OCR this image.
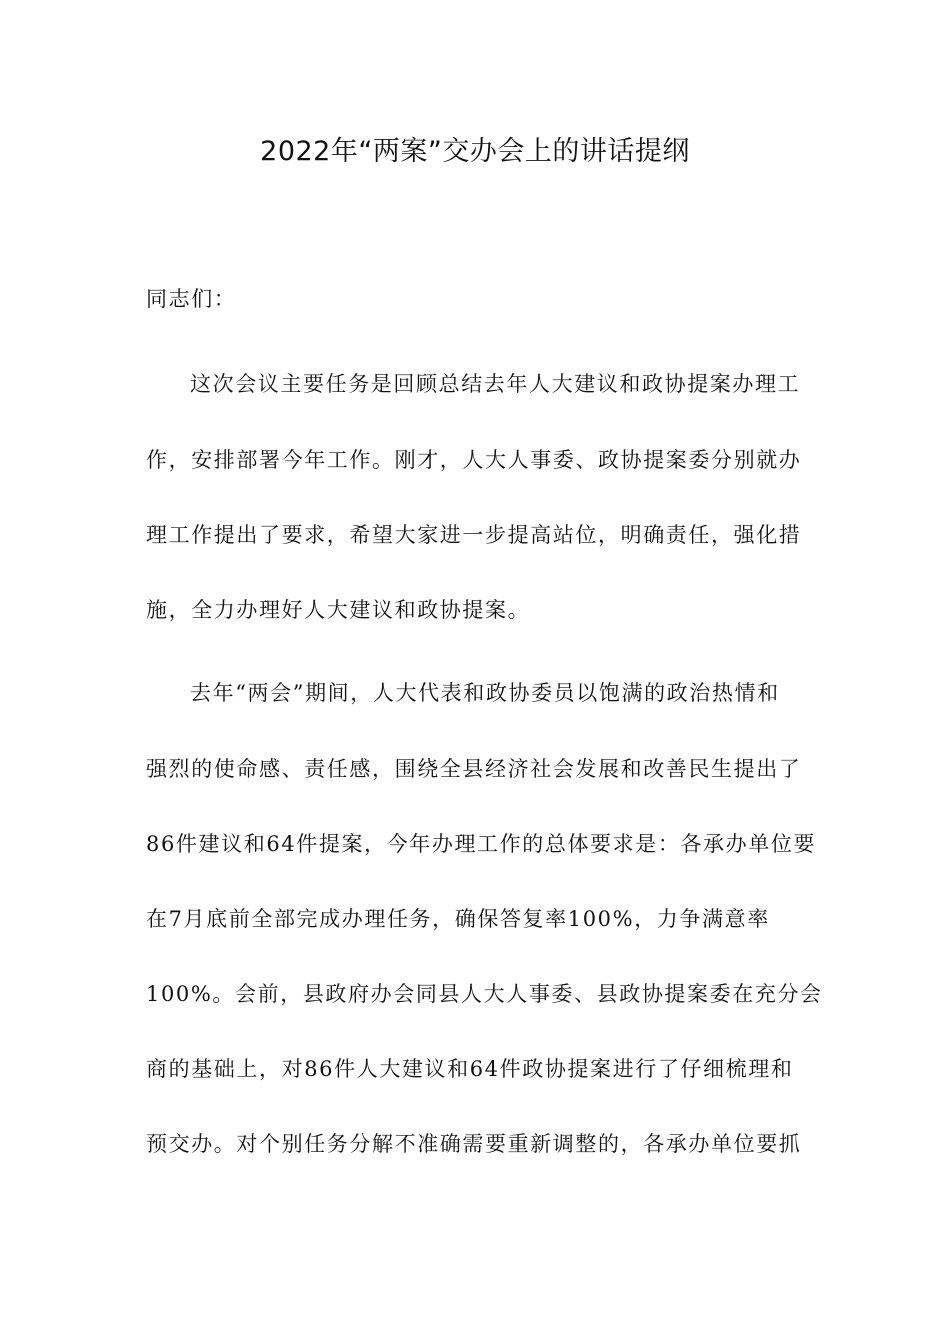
2022年“两案”交办会上的讲话提纲
同志们：
这次会议主要任务是回顾总结去年人大建议和政协提案办理工
作，安排部署今年工作。刚才，人大人事委、政协提案委分别就办
理工作提出了要求，希望大家进一步提高站位，明确责任，强化措
施，全力办理好人大建议和政协提案。
去年“两会”期间，人大代表和政协委员以饱满的政治热情和
强烈的使命感、责任感，围绕全县经济社会发展和改善民生提出了
86件建议和64件提案，今年办理工作的总体要求是：各承办单位要
在7月底前全部完成办理任务，确保答复率100%，力争满意率
100%。会前，县政府办会同县人大人事委、县政协提案委在充分会
商的基础上，对86件人大建议和64件政协提案进行了仔细梳理和
预交办。对个别任务分解不准确需要重新调整的，各承办单位要抓
